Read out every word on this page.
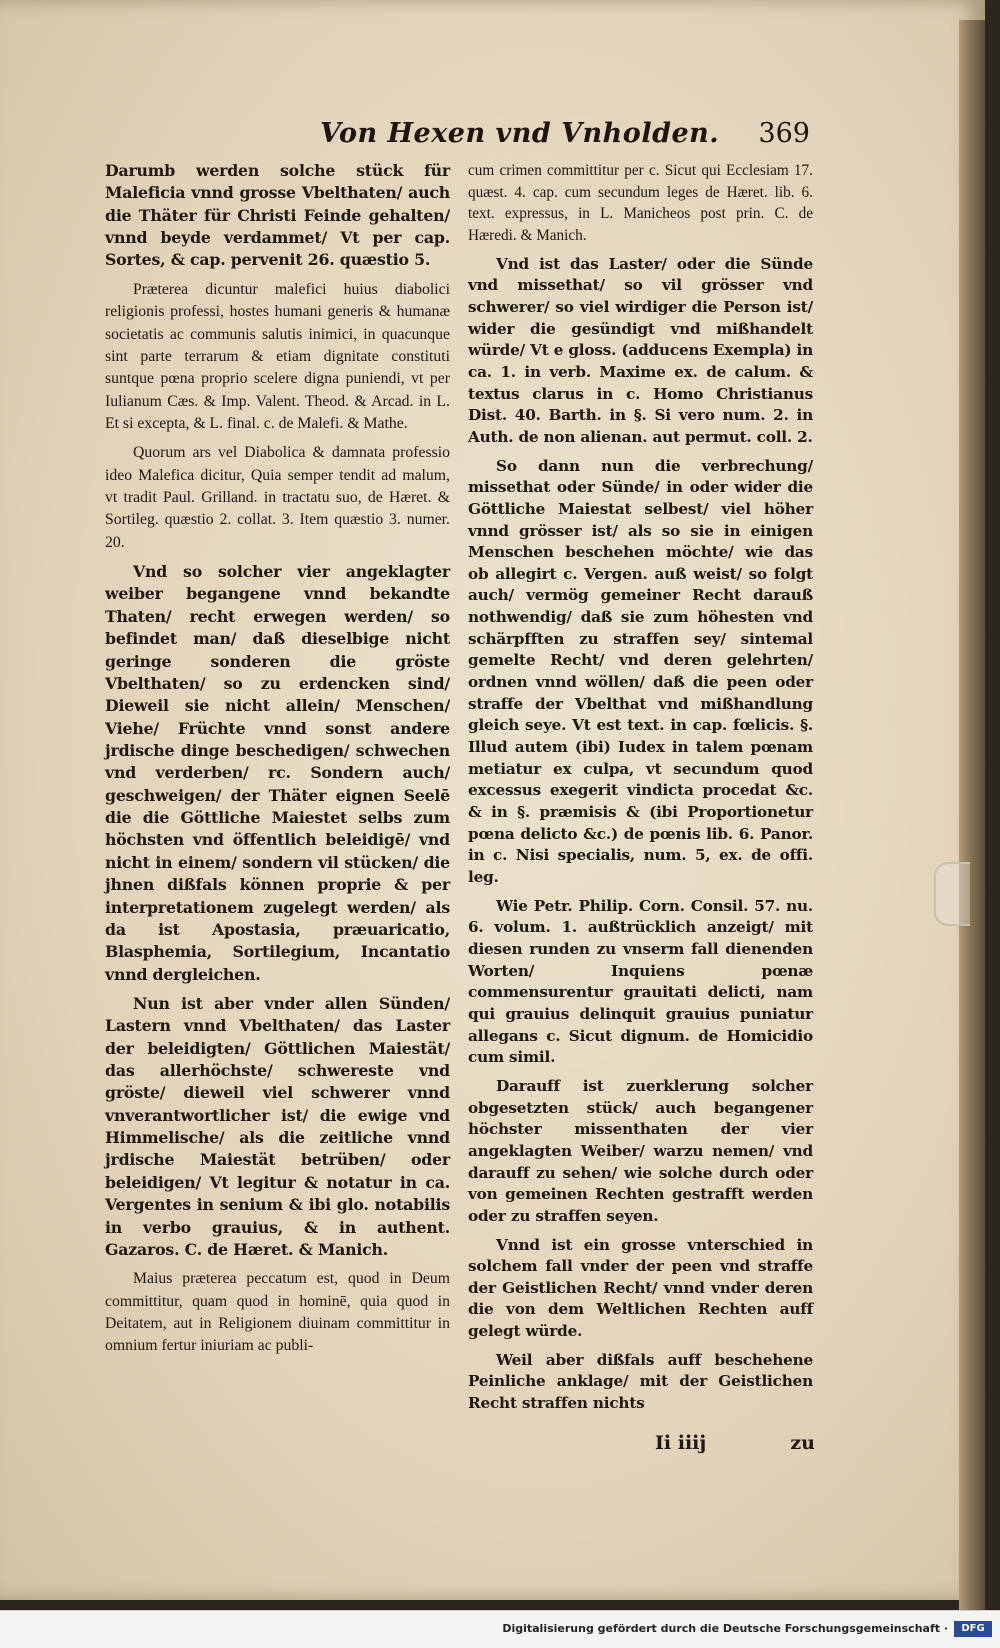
Von Hexen vnd Vnholden. 369

Darumb werden solche stück für Maleficia vnnd grosse Vbelthaten/ auch die Thäter für Christi Feinde gehalten/ vnnd beyde verdammet/ Vt per cap. Sortes, & cap. pervenit 26. quæstio 5.

Præterea dicuntur malefici huius diabolici religionis professi, hostes humani generis & humanæ societatis ac communis salutis inimici, in quacunque sint parte terrarum & etiam dignitate constituti suntque pœna proprio scelere digna puniendi, vt per Iulianum Cæs. & Imp. Valent. Theod. & Arcad. in L. Et si excepta, & L. final. c. de Malefi. & Mathe.

Quorum ars vel Diabolica & damnata professio ideo Malefica dicitur, Quia semper tendit ad malum, vt tradit Paul. Grilland. in tractatu suo, de Hæret. & Sortileg. quæstio 2. collat. 3. Item quæstio 3. numer. 20.

Vnd so solcher vier angeklagter weiber begangene vnnd bekandte Thaten/ recht erwegen werden/ so befindet man/ daß dieselbige nicht geringe sonderen die gröste Vbelthaten/ so zu erdencken sind/ Dieweil sie nicht allein/ Menschen/ Viehe/ Früchte vnnd sonst andere jrdische dinge beschedigen/ schwechen vnd verderben/ rc. Sondern auch/ geschweigen/ der Thäter eignen Seelē die die Göttliche Maiestet selbs zum höchsten vnd öffentlich beleidigē/ vnd nicht in einem/ sondern vil stücken/ die jhnen dißfals können proprie & per interpretationem zugelegt werden/ als da ist Apostasia, præuaricatio, Blasphemia, Sortilegium, Incantatio vnnd dergleichen.

Nun ist aber vnder allen Sünden/ Lastern vnnd Vbelthaten/ das Laster der beleidigten/ Göttlichen Maiestät/ das allerhöchste/ schwereste vnd gröste/ dieweil viel schwerer vnnd vnverantwortlicher ist/ die ewige vnd Himmelische/ als die zeitliche vnnd jrdische Maiestät betrüben/ oder beleidigen/ Vt legitur & notatur in ca. Vergentes in senium & ibi glo. notabilis in verbo grauius, & in authent. Gazaros. C. de Hæret. & Manich.

Maius præterea peccatum est, quod in Deum committitur, quam quod in hominē, quia quod in Deitatem, aut in Religionem diuinam committitur in omnium fertur iniuriam ac publi-

cum crimen committitur per c. Sicut qui Ecclesiam 17. quæst. 4. cap. cum secundum leges de Hæret. lib. 6. text. expressus, in L. Manicheos post prin. C. de Hæredi. & Manich.

Vnd ist das Laster/ oder die Sünde vnd missethat/ so vil grösser vnd schwerer/ so viel wirdiger die Person ist/ wider die gesündigt vnd mißhandelt würde/ Vt e gloss. (adducens Exempla) in ca. 1. in verb. Maxime ex. de calum. & textus clarus in c. Homo Christianus Dist. 40. Barth. in §. Si vero num. 2. in Auth. de non alienan. aut permut. coll. 2.

So dann nun die verbrechung/ missethat oder Sünde/ in oder wider die Göttliche Maiestat selbest/ viel höher vnnd grösser ist/ als so sie in einigen Menschen beschehen möchte/ wie das ob allegirt c. Vergen. auß weist/ so folgt auch/ vermög gemeiner Recht darauß nothwendig/ daß sie zum höhesten vnd schärpfften zu straffen sey/ sintemal gemelte Recht/ vnd deren gelehrten/ ordnen vnnd wöllen/ daß die peen oder straffe der Vbelthat vnd mißhandlung gleich seye. Vt est text. in cap. fœlicis. §. Illud autem (ibi) Iudex in talem pœnam metiatur ex culpa, vt secundum quod excessus exegerit vindicta procedat &c. & in §. præmisis & (ibi Proportionetur pœna delicto &c.) de pœnis lib. 6. Panor. in c. Nisi specialis, num. 5, ex. de offi. leg.

Wie Petr. Philip. Corn. Consil. 57. nu. 6. volum. 1. außtrücklich anzeigt/ mit diesen runden zu vnserm fall dienenden Worten/ Inquiens pœnæ commensurentur grauitati delicti, nam qui grauius delinquit grauius puniatur allegans c. Sicut dignum. de Homicidio cum simil.

Darauff ist zuerklerung solcher obgesetzten stück/ auch begangener höchster missenthaten der vier angeklagten Weiber/ warzu nemen/ vnd darauff zu sehen/ wie solche durch oder von gemeinen Rechten gestrafft werden oder zu straffen seyen.

Vnnd ist ein grosse vnterschied in solchem fall vnder der peen vnd straffe der Geistlichen Recht/ vnnd vnder deren die von dem Weltlichen Rechten auff gelegt würde.

Weil aber dißfals auff beschehene Peinliche anklage/ mit der Geistlichen Recht straffen nichts

Ii iiij	zu
Digitalisierung gefördert durch die Deutsche Forschungsgemeinschaft ·	DFG
